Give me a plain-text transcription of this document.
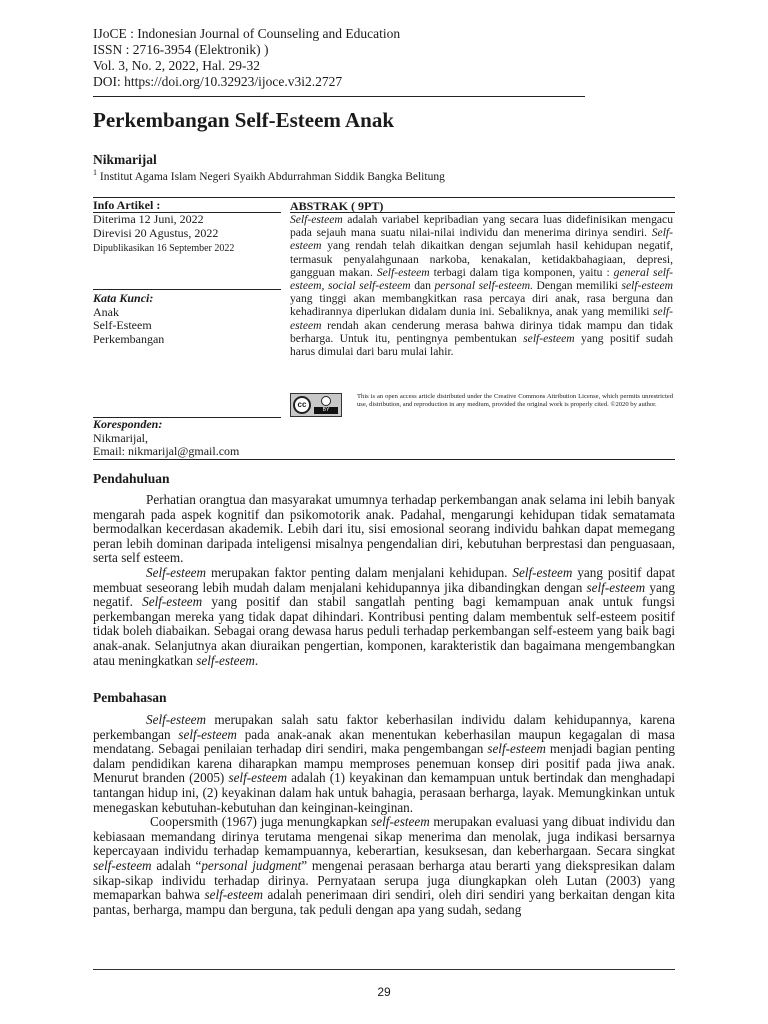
IJoCE : Indonesian Journal of Counseling and Education
ISSN : 2716-3954 (Elektronik) )
Vol. 3, No. 2, 2022, Hal. 29-32
DOI: https://doi.org/10.32923/ijoce.v3i2.2727
Perkembangan Self-Esteem Anak
Nikmarijal
$^1$ Institut Agama Islam Negeri Syaikh Abdurrahman Siddik Bangka Belitung
Info Artikel :
Diterima 12 Juni, 2022
Direvisi 20 Agustus, 2022
Dipublikasikan 16 September 2022
Kata Kunci:
Anak
Self-Esteem
Perkembangan
Koresponden:
Nikmarijal,
Email: nikmarijal@gmail.com
ABSTRAK ( 9PT)
Self-esteem adalah variabel kepribadian yang secara luas didefinisikan mengacu pada sejauh mana suatu nilai-nilai individu dan menerima dirinya sendiri. Self-esteem yang rendah telah dikaitkan dengan sejumlah hasil kehidupan negatif, termasuk penyalahgunaan narkoba, kenakalan, ketidakbahagiaan, depresi, gangguan makan. Self-esteem terbagi dalam tiga komponen, yaitu : general self-esteem, social self-esteem dan personal self-esteem. Dengan memiliki self-esteem yang tinggi akan membangkitkan rasa percaya diri anak, rasa berguna dan kehadirannya diperlukan didalam dunia ini. Sebaliknya, anak yang memiliki self-esteem rendah akan cenderung merasa bahwa dirinya tidak mampu dan tidak berharga. Untuk itu, pentingnya pembentukan self-esteem yang positif sudah harus dimulai dari baru mulai lahir.
cc
BY
This is an open access article distributed under the Creative Commons Attribution License, which permits unrestricted use, distribution, and reproduction in any medium, provided the original work is properly cited. ©2020 by author.
Pendahuluan

Perhatian orangtua dan masyarakat umumnya terhadap perkembangan anak selama ini lebih banyak mengarah pada aspek kognitif dan psikomotorik anak. Padahal, mengarungi kehidupan tidak sematamata bermodalkan kecerdasan akademik. Lebih dari itu, sisi emosional seorang individu bahkan dapat memegang peran lebih dominan daripada inteligensi misalnya pengendalian diri, kebutuhan berprestasi dan penguasaan, serta self esteem.

Self-esteem merupakan faktor penting dalam menjalani kehidupan. Self-esteem yang positif dapat membuat seseorang lebih mudah dalam menjalani kehidupannya jika dibandingkan dengan self-esteem yang negatif. Self-esteem yang positif dan stabil sangatlah penting bagi kemampuan anak untuk fungsi perkembangan mereka yang tidak dapat dihindari. Kontribusi penting dalam membentuk self-esteem positif tidak boleh diabaikan. Sebagai orang dewasa harus peduli terhadap perkembangan self-esteem yang baik bagi anak-anak. Selanjutnya akan diuraikan pengertian, komponen, karakteristik dan bagaimana mengembangkan atau meningkatkan self-esteem.

Pembahasan

Self-esteem merupakan salah satu faktor keberhasilan individu dalam kehidupannya, karena perkembangan self-esteem pada anak-anak akan menentukan keberhasilan maupun kegagalan di masa mendatang. Sebagai penilaian terhadap diri sendiri, maka pengembangan self-esteem menjadi bagian penting dalam pendidikan karena diharapkan mampu memproses penemuan konsep diri positif pada jiwa anak. Menurut branden (2005) self-esteem adalah (1) keyakinan dan kemampuan untuk bertindak dan menghadapi tantangan hidup ini, (2) keyakinan dalam hak untuk bahagia, perasaan berharga, layak. Memungkinkan untuk menegaskan kebutuhan-kebutuhan dan keinginan-keinginan.

Coopersmith (1967) juga menungkapkan self-esteem merupakan evaluasi yang dibuat individu dan kebiasaan memandang dirinya terutama mengenai sikap menerima dan menolak, juga indikasi bersarnya kepercayaan individu terhadap kemampuannya, keberartian, kesuksesan, dan keberhargaan. Secara singkat self-esteem adalah “personal judgment” mengenai perasaan berharga atau berarti yang diekspresikan dalam sikap-sikap individu terhadap dirinya. Pernyataan serupa juga diungkapkan oleh Lutan (2003) yang memaparkan bahwa self-esteem adalah penerimaan diri sendiri, oleh diri sendiri yang berkaitan dengan kita pantas, berharga, mampu dan berguna, tak peduli dengan apa yang sudah, sedang

29
